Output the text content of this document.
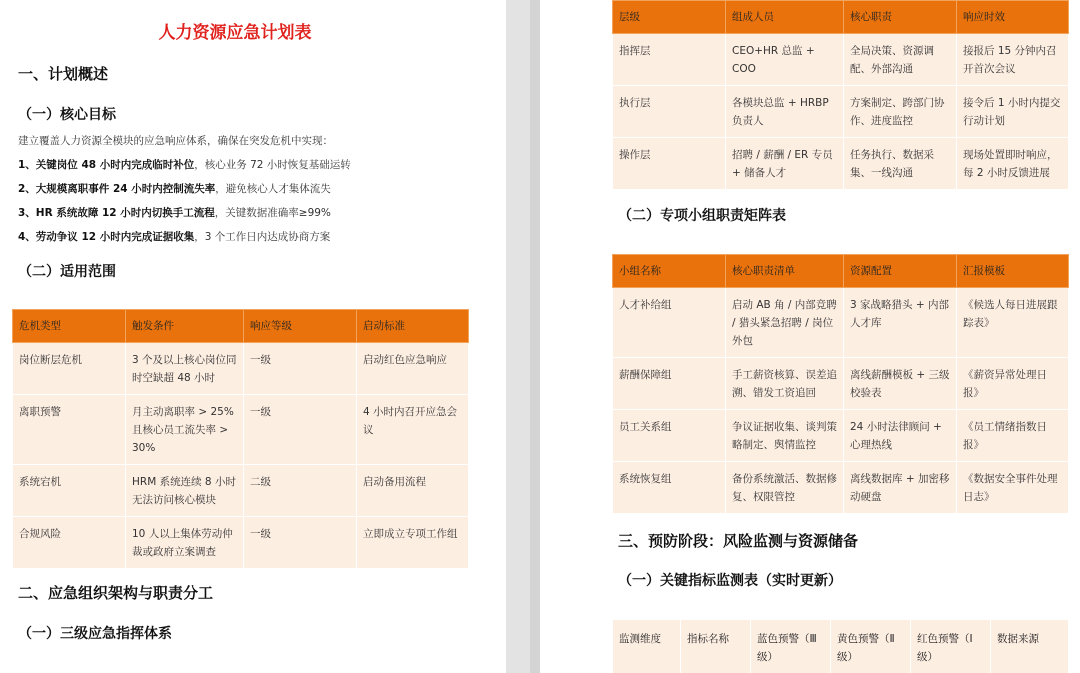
人力资源应急计划表
一、计划概述
（一）核心目标
建立覆盖人力资源全模块的应急响应体系，确保在突发危机中实现：
1、关键岗位 48 小时内完成临时补位，核心业务 72 小时恢复基础运转
2、大规模离职事件 24 小时内控制流失率，避免核心人才集体流失
3、HR 系统故障 12 小时内切换手工流程，关键数据准确率≥99%
4、劳动争议 12 小时内完成证据收集，3 个工作日内达成协商方案
（二）适用范围
危机类型	触发条件	响应等级	启动标准
岗位断层危机	3 个及以上核心岗位同时空缺超 48 小时	一级	启动红色应急响应
离职预警	月主动离职率 > 25%且核心员工流失率 > 30%	一级	4 小时内召开应急会议
系统宕机	HRM 系统连续 8 小时无法访问核心模块	二级	启动备用流程
合规风险	10 人以上集体劳动仲裁或政府立案调查	一级	立即成立专项工作组
二、应急组织架构与职责分工
（一）三级应急指挥体系
层级	组成人员	核心职责	响应时效
指挥层	CEO+HR 总监 + COO	全局决策、资源调配、外部沟通	接报后 15 分钟内召开首次会议
执行层	各模块总监 + HRBP 负责人	方案制定、跨部门协作、进度监控	接令后 1 小时内提交行动计划
操作层	招聘 / 薪酬 / ER 专员 + 储备人才	任务执行、数据采集、一线沟通	现场处置即时响应，每 2 小时反馈进展
（二）专项小组职责矩阵表
小组名称	核心职责清单	资源配置	汇报模板
人才补给组	启动 AB 角 / 内部竞聘 / 猎头紧急招聘 / 岗位外包	3 家战略猎头 + 内部人才库	《候选人每日进展跟踪表》
薪酬保障组	手工薪资核算、误差追溯、错发工资追回	离线薪酬模板 + 三级校验表	《薪资异常处理日报》
员工关系组	争议证据收集、谈判策略制定、舆情监控	24 小时法律顾问 + 心理热线	《员工情绪指数日报》
系统恢复组	备份系统激活、数据修复、权限管控	离线数据库 + 加密移动硬盘	《数据安全事件处理日志》
三、预防阶段：风险监测与资源储备
（一）关键指标监测表（实时更新）
监测维度	指标名称	蓝色预警（Ⅲ级）	黄色预警（Ⅱ级）	红色预警（Ⅰ级）	数据来源
